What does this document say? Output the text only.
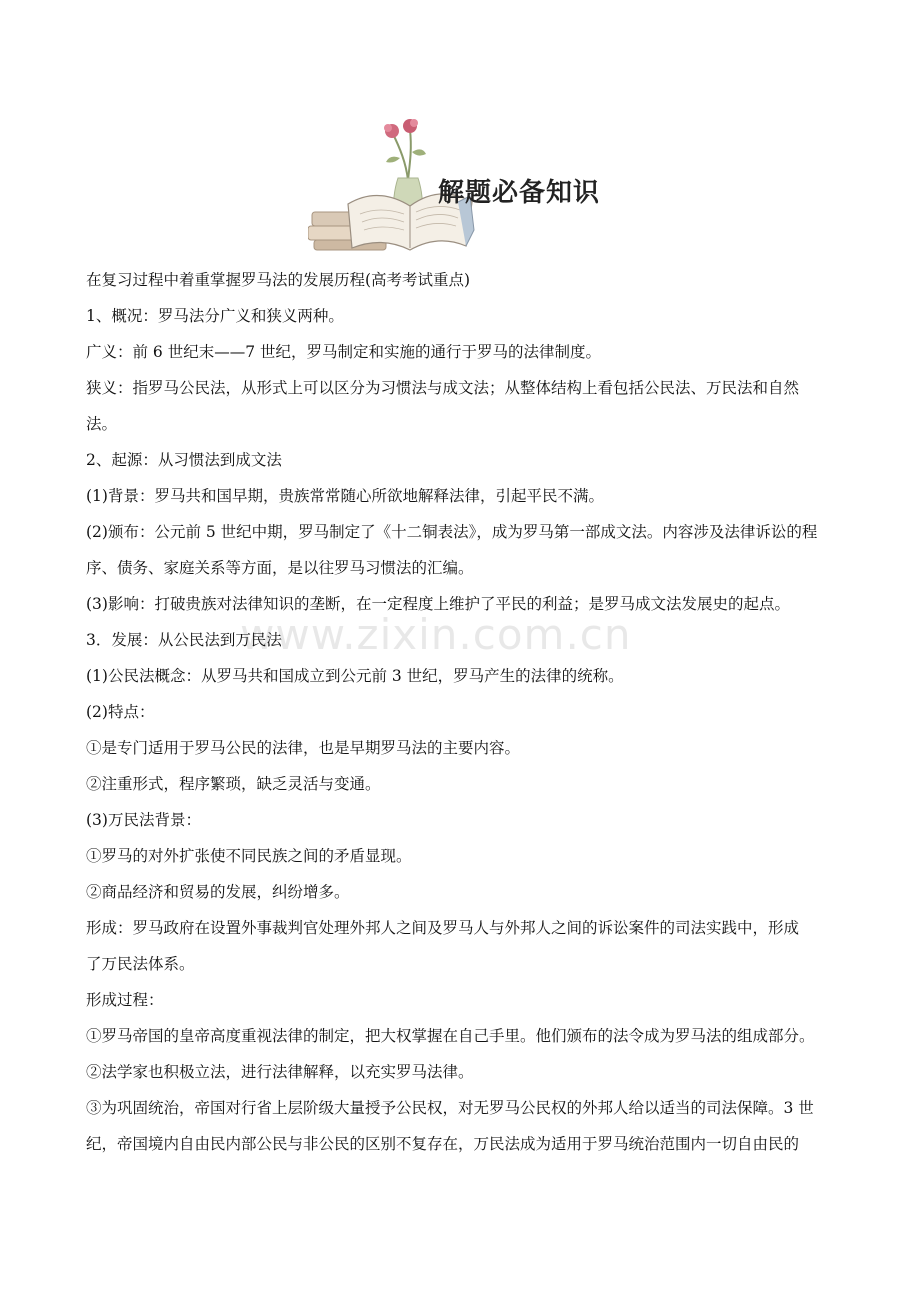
解题必备知识
www.zixin.com.cn
在复习过程中着重掌握罗马法的发展历程(高考考试重点)
1、概况：罗马法分广义和狭义两种。
广义：前 6 世纪末——7 世纪，罗马制定和实施的通行于罗马的法律制度。
狭义：指罗马公民法，从形式上可以区分为习惯法与成文法；从整体结构上看包括公民法、万民法和自然
法。
2、起源：从习惯法到成文法
(1)背景：罗马共和国早期，贵族常常随心所欲地解释法律，引起平民不满。
(2)颁布：公元前 5 世纪中期，罗马制定了《十二铜表法》，成为罗马第一部成文法。内容涉及法律诉讼的程
序、债务、家庭关系等方面，是以往罗马习惯法的汇编。
(3)影响：打破贵族对法律知识的垄断，在一定程度上维护了平民的利益；是罗马成文法发展史的起点。
3．发展：从公民法到万民法
(1)公民法概念：从罗马共和国成立到公元前 3 世纪，罗马产生的法律的统称。
(2)特点：
①是专门适用于罗马公民的法律，也是早期罗马法的主要内容。
②注重形式，程序繁琐，缺乏灵活与变通。
(3)万民法背景：
①罗马的对外扩张使不同民族之间的矛盾显现。
②商品经济和贸易的发展，纠纷增多。
形成：罗马政府在设置外事裁判官处理外邦人之间及罗马人与外邦人之间的诉讼案件的司法实践中，形成
了万民法体系。
形成过程：
①罗马帝国的皇帝高度重视法律的制定，把大权掌握在自己手里。他们颁布的法令成为罗马法的组成部分。
②法学家也积极立法，进行法律解释，以充实罗马法律。
③为巩固统治，帝国对行省上层阶级大量授予公民权，对无罗马公民权的外邦人给以适当的司法保障。3 世
纪，帝国境内自由民内部公民与非公民的区别不复存在，万民法成为适用于罗马统治范围内一切自由民的
